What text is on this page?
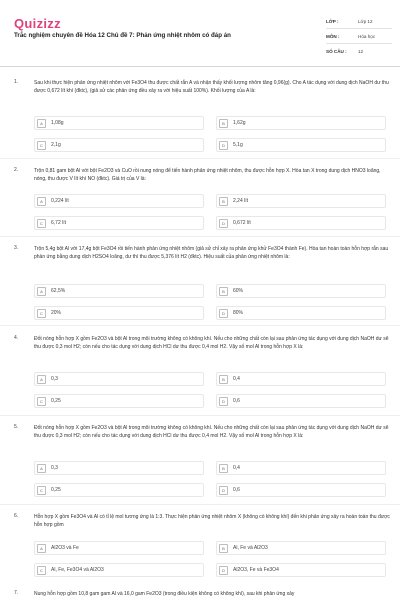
Quizizz
Trắc nghiệm chuyên đề Hóa 12 Chủ đề 7: Phản ứng nhiệt nhôm có đáp án
LỚP :	Lớp 12
MÔN :	Hóa học
SỐ CÂU :	12
1.	Sau khi thực hiện phản ứng nhiệt nhôm với Fe3O4 thu được chất rắn A và nhận thấy khối lượng nhôm tăng 0,96(g). Cho A tác dụng với dung dịch NaOH dư thu được 0,672 lít khí (đktc), (giả sử các phản ứng đều xảy ra với hiệu suất 100%). Khối lượng của A là:
A	1,08g	B	1,62g
C	2,1g	D	5,1g
2.	Trộn 0,81 gam bột Al với bột Fe2O3 và CuO rồi nung nóng để tiến hành phản ứng nhiệt nhôm, thu được hỗn hợp X. Hòa tan X trong dung dịch HNO3 loãng, nóng, thu được V lít khí NO (đktc). Giá trị của V là:
A	0,224 lít	B	2,24 lít
C	6,72 lít	D	0,672 lít
3.	Trộn 5,4g bột Al với 17,4g bột Fe3O4 rồi tiến hành phản ứng nhiệt nhôm (giả sử chỉ xảy ra phản ứng khử Fe3O4 thành Fe). Hòa tan hoàn toàn hỗn hợp rắn sau phản ứng bằng dung dịch H2SO4 loãng, dư thì thu được 5,376 lít H2 (đktc). Hiệu suất của phản ứng nhiệt nhôm là:
A	62,5%	B	60%
C	20%	D	80%
4.	Đốt nóng hỗn hợp X gồm Fe2O3 và bột Al trong môi trường không có không khí. Nếu cho những chất còn lại sau phản ứng tác dụng với dung dịch NaOH dư sẽ thu được 0,3 mol H2; còn nếu cho tác dụng với dung dịch HCl dư thu được 0,4 mol H2. Vậy số mol Al trong hỗn hợp X là:
A	0,3	B	0,4
C	0,25	D	0,6
5.	Đốt nóng hỗn hợp X gồm Fe2O3 và bột Al trong môi trường không có không khí. Nếu cho những chất còn lại sau phản ứng tác dụng với dung dịch NaOH dư sẽ thu được 0,3 mol H2; còn nếu cho tác dụng với dung dịch HCl dư thu được 0,4 mol H2. Vậy số mol Al trong hỗn hợp X là:
A	0,3	B	0,4
C	0,25	D	0,6
6.	Hỗn hợp X gồm Fe3O4 và Al có tỉ lệ mol tương ứng là 1:3. Thực hiện phản ứng nhiệt nhôm X (không có không khí) đến khi phản ứng xảy ra hoàn toàn thu được hỗn hợp gồm
A	Al2O3 và Fe	B	Al, Fe và Al2O3
C	Al, Fe, Fe3O4 và Al2O3	D	Al2O3, Fe và Fe3O4
7.	Nung hỗn hợp gồm 10,8 gam gam Al và 16,0 gam Fe2O3 (trong điều kiện không có không khí), sau khi phản ứng xảy
